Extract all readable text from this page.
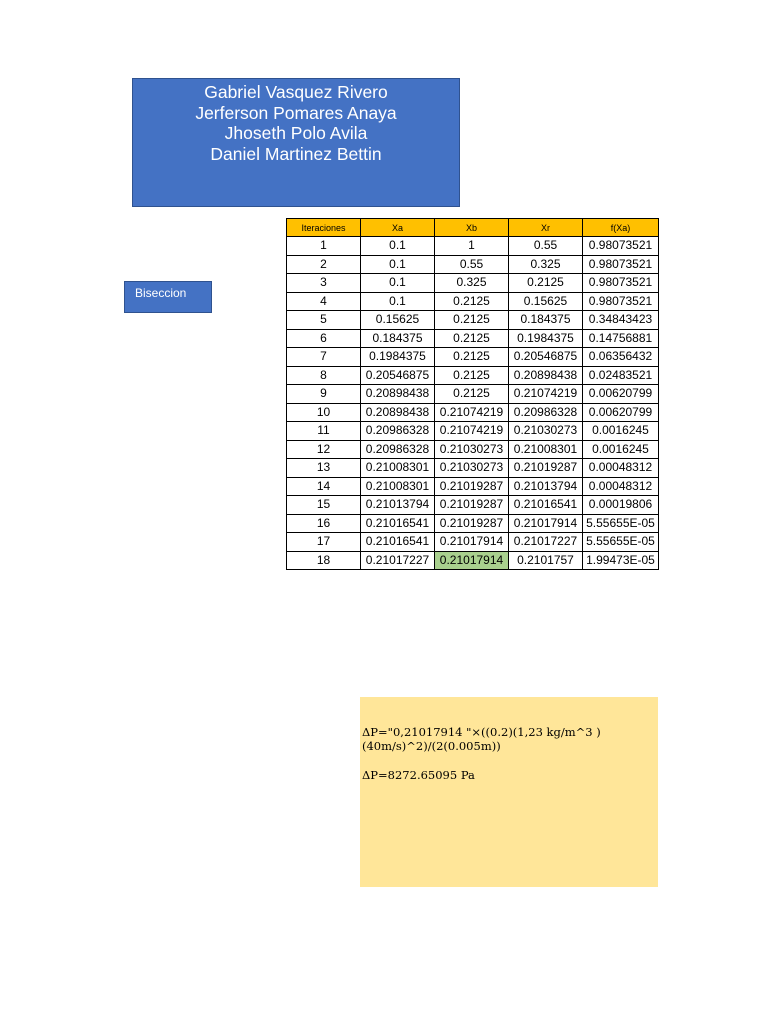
Gabriel Vasquez Rivero
Jerferson Pomares Anaya
Jhoseth Polo Avila
Daniel Martinez Bettin
Biseccion
Iteraciones	Xa	Xb	Xr	f(Xa)
1	0.1	1	0.55	0.98073521
2	0.1	0.55	0.325	0.98073521
3	0.1	0.325	0.2125	0.98073521
4	0.1	0.2125	0.15625	0.98073521
5	0.15625	0.2125	0.184375	0.34843423
6	0.184375	0.2125	0.1984375	0.14756881
7	0.1984375	0.2125	0.20546875	0.06356432
8	0.20546875	0.2125	0.20898438	0.02483521
9	0.20898438	0.2125	0.21074219	0.00620799
10	0.20898438	0.21074219	0.20986328	0.00620799
11	0.20986328	0.21074219	0.21030273	0.0016245
12	0.20986328	0.21030273	0.21008301	0.0016245
13	0.21008301	0.21030273	0.21019287	0.00048312
14	0.21008301	0.21019287	0.21013794	0.00048312
15	0.21013794	0.21019287	0.21016541	0.00019806
16	0.21016541	0.21019287	0.21017914	5.55655E-05
17	0.21016541	0.21017914	0.21017227	5.55655E-05
18	0.21017227	0.21017914	0.2101757	1.99473E-05
ΔP="0,21017914 "×((0.2)(1,23 kg/m^3 )(40m/s)^2)/(2(0.005m))
ΔP=8272.65095 Pa
